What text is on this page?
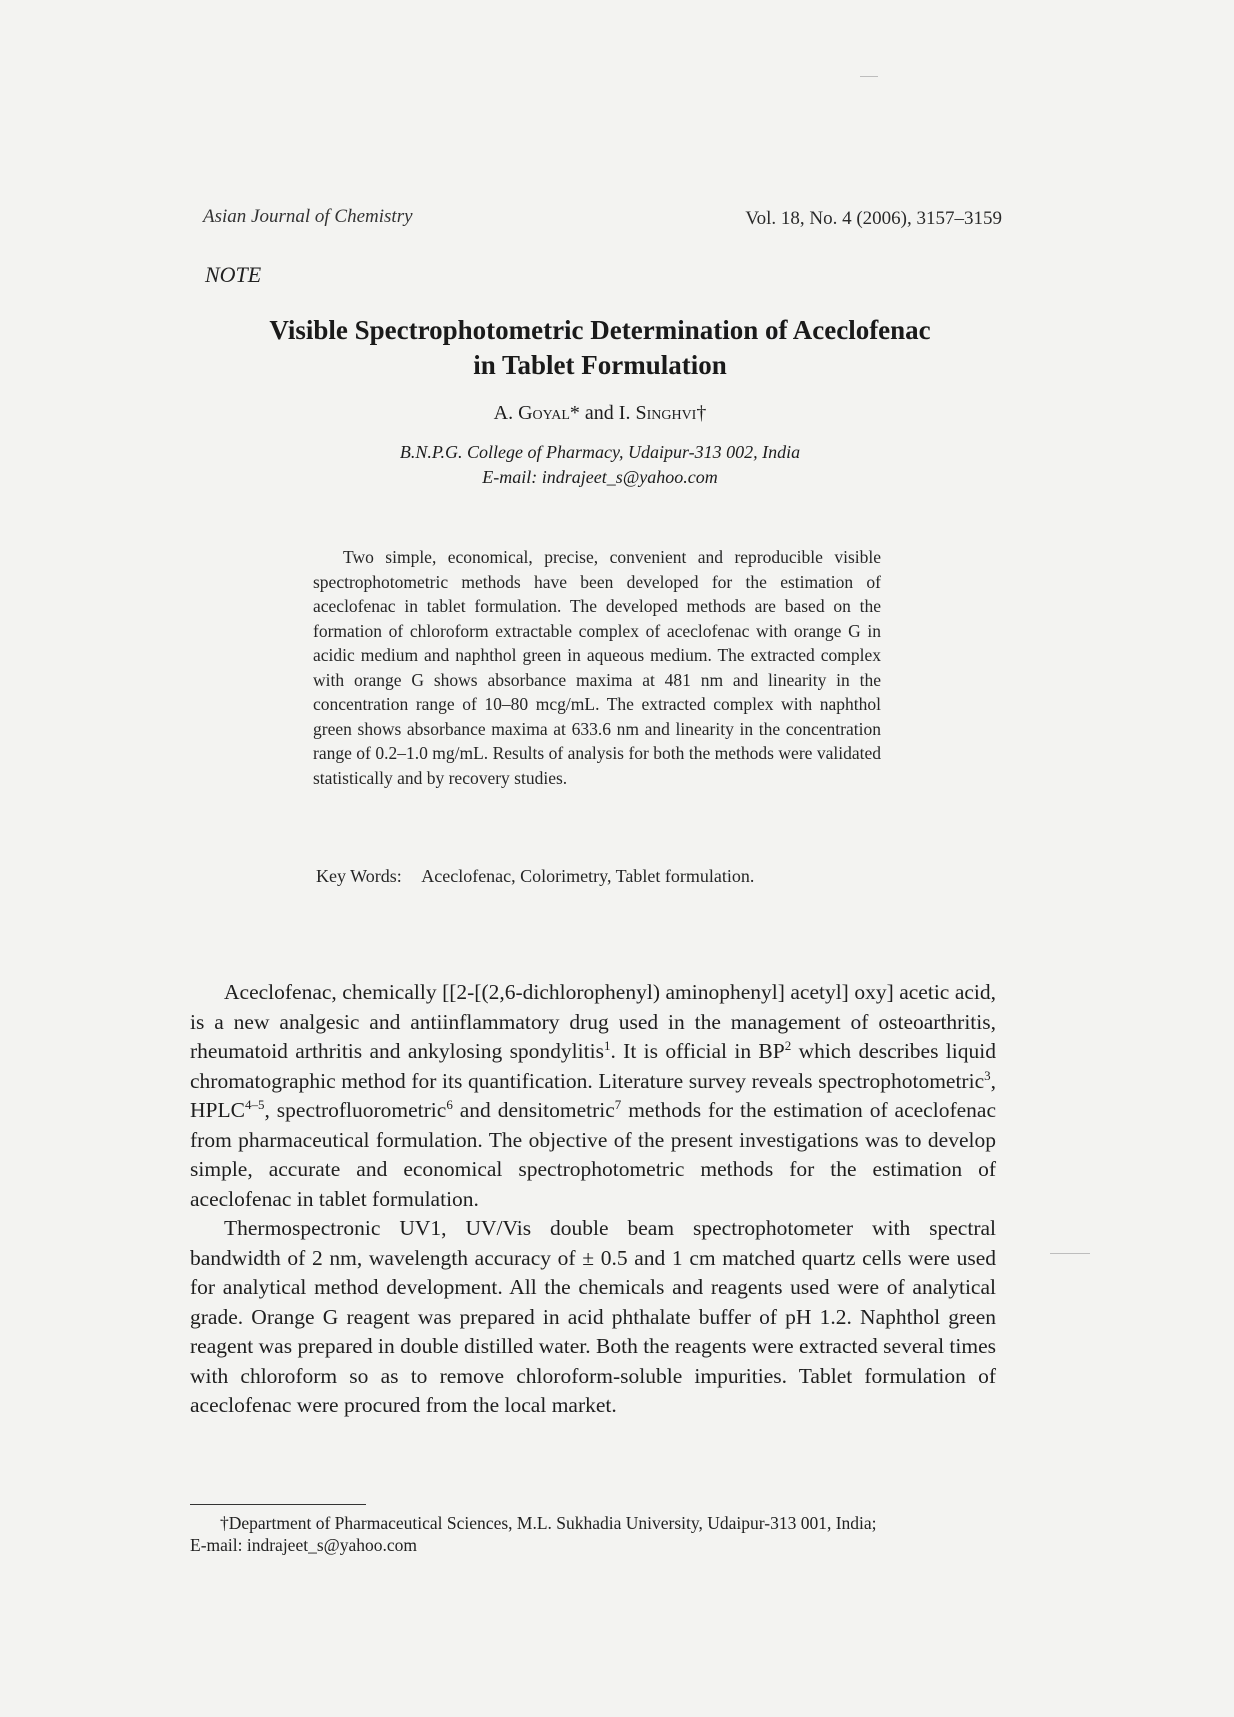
Asian Journal of Chemistry	Vol. 18, No. 4 (2006), 3157–3159
NOTE
Visible Spectrophotometric Determination of Aceclofenac
in Tablet Formulation
A. Goyal* and I. Singhvi†
B.N.P.G. College of Pharmacy, Udaipur-313 002, India
E-mail: indrajeet_s@yahoo.com
Two simple, economical, precise, convenient and reproducible visible spectrophotometric methods have been developed for the estimation of aceclofenac in tablet formulation. The developed methods are based on the formation of chloroform extractable complex of aceclofenac with orange G in acidic medium and naphthol green in aqueous medium. The extracted complex with orange G shows absorbance maxima at 481 nm and linearity in the concentration range of 10–80 mcg/mL. The extracted complex with naphthol green shows absorbance maxima at 633.6 nm and linearity in the concentration range of 0.2–1.0 mg/mL. Results of analysis for both the methods were validated statistically and by recovery studies.
Key Words: Aceclofenac, Colorimetry, Tablet formulation.

Aceclofenac, chemically [[2-[(2,6-dichlorophenyl) aminophenyl] acetyl] oxy] acetic acid, is a new analgesic and antiinflammatory drug used in the management of osteoarthritis, rheumatoid arthritis and ankylosing spondylitis$^1$. It is official in $BP^2$ which describes liquid chromatographic method for its quantification. Literature survey reveals spectrophotometric$^3$, HPLC$^{4-5}$, spectrofluorometric$^6$ and densitometric$^7$ methods for the estimation of aceclofenac from pharmaceutical formulation. The objective of the present investigations was to develop simple, accurate and economical spectrophotometric methods for the estimation of aceclofenac in tablet formulation.

Thermospectronic UV1, UV/Vis double beam spectrophotometer with spectral bandwidth of 2 nm, wavelength accuracy of ± 0.5 and 1 cm matched quartz cells were used for analytical method development. All the chemicals and reagents used were of analytical grade. Orange G reagent was prepared in acid phthalate buffer of pH 1.2. Naphthol green reagent was prepared in double distilled water. Both the reagents were extracted several times with chloroform so as to remove chloroform-soluble impurities. Tablet formulation of aceclofenac were procured from the local market.

†Department of Pharmaceutical Sciences, M.L. Sukhadia University, Udaipur-313 001, India;
E-mail: indrajeet_s@yahoo.com
